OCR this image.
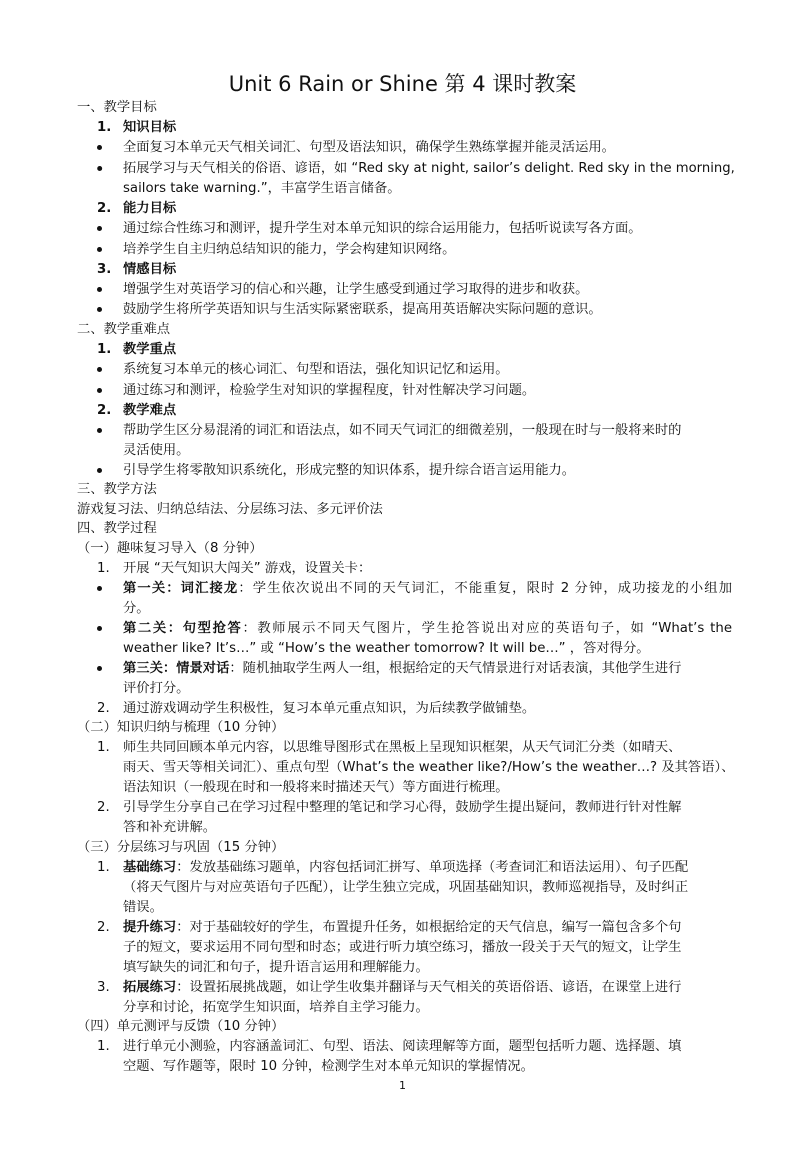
Unit 6 Rain or Shine 第 4 课时教案
一、教学目标
1. 知识目标
全面复习本单元天气相关词汇、句型及语法知识，确保学生熟练掌握并能灵活运用。
拓展学习与天气相关的俗语、谚语，如 “Red sky at night, sailor’s delight. Red sky in the morning,
sailors take warning.”，丰富学生语言储备。
2. 能力目标
通过综合性练习和测评，提升学生对本单元知识的综合运用能力，包括听说读写各方面。
培养学生自主归纳总结知识的能力，学会构建知识网络。
3. 情感目标
增强学生对英语学习的信心和兴趣，让学生感受到通过学习取得的进步和收获。
鼓励学生将所学英语知识与生活实际紧密联系，提高用英语解决实际问题的意识。
二、教学重难点
1. 教学重点
系统复习本单元的核心词汇、句型和语法，强化知识记忆和运用。
通过练习和测评，检验学生对知识的掌握程度，针对性解决学习问题。
2. 教学难点
帮助学生区分易混淆的词汇和语法点，如不同天气词汇的细微差别，一般现在时与一般将来时的
灵活使用。
引导学生将零散知识系统化，形成完整的知识体系，提升综合语言运用能力。
三、教学方法
游戏复习法、归纳总结法、分层练习法、多元评价法
四、教学过程
（一）趣味复习导入（8 分钟）
1. 开展 “天气知识大闯关” 游戏，设置关卡：
第一关：词汇接龙：学生依次说出不同的天气词汇，不能重复，限时 2 分钟，成功接龙的小组加
分。
第二关：句型抢答：教师展示不同天气图片，学生抢答说出对应的英语句子，如 “What’s the
weather like? It’s…” 或 “How’s the weather tomorrow? It will be…” ，答对得分。
第三关：情景对话：随机抽取学生两人一组，根据给定的天气情景进行对话表演，其他学生进行
评价打分。
2. 通过游戏调动学生积极性，复习本单元重点知识，为后续教学做铺垫。
（二）知识归纳与梳理（10 分钟）
1. 师生共同回顾本单元内容，以思维导图形式在黑板上呈现知识框架，从天气词汇分类（如晴天、
雨天、雪天等相关词汇）、重点句型（What’s the weather like?/How’s the weather…? 及其答语）、
语法知识（一般现在时和一般将来时描述天气）等方面进行梳理。
2. 引导学生分享自己在学习过程中整理的笔记和学习心得，鼓励学生提出疑问，教师进行针对性解
答和补充讲解。
（三）分层练习与巩固（15 分钟）
1. 基础练习：发放基础练习题单，内容包括词汇拼写、单项选择（考查词汇和语法运用）、句子匹配
（将天气图片与对应英语句子匹配），让学生独立完成，巩固基础知识，教师巡视指导，及时纠正
错误。
2. 提升练习：对于基础较好的学生，布置提升任务，如根据给定的天气信息，编写一篇包含多个句
子的短文，要求运用不同句型和时态；或进行听力填空练习，播放一段关于天气的短文，让学生
填写缺失的词汇和句子，提升语言运用和理解能力。
3. 拓展练习：设置拓展挑战题，如让学生收集并翻译与天气相关的英语俗语、谚语，在课堂上进行
分享和讨论，拓宽学生知识面，培养自主学习能力。
（四）单元测评与反馈（10 分钟）
1. 进行单元小测验，内容涵盖词汇、句型、语法、阅读理解等方面，题型包括听力题、选择题、填
空题、写作题等，限时 10 分钟，检测学生对本单元知识的掌握情况。
1
